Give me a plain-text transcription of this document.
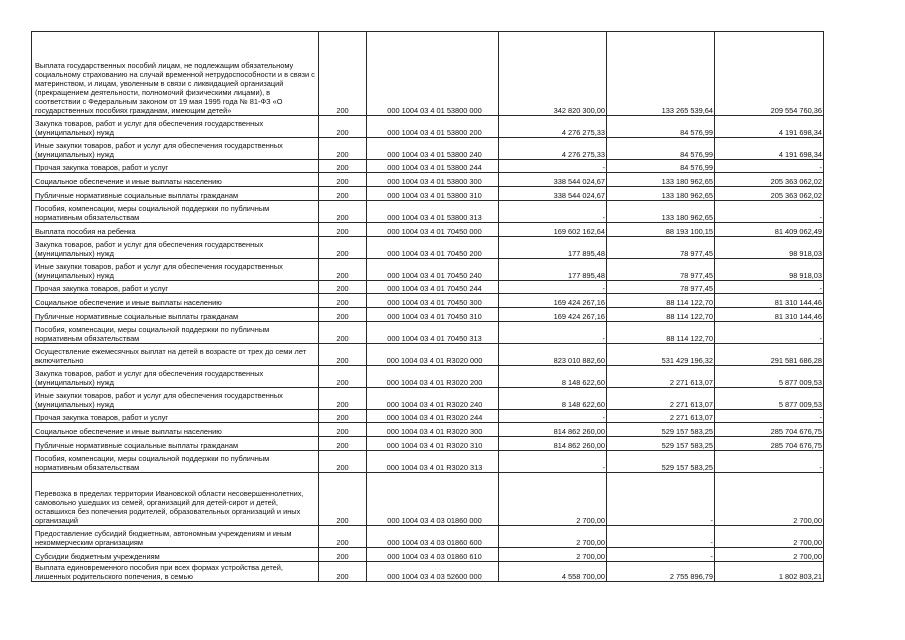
Выплата государственных пособий лицам, не подлежащим обязательному социальному страхованию на случай временной нетрудоспособности и в связи с материнством, и лицам, уволенным в связи с ликвидацией организаций (прекращением деятельности, полномочий физическими лицами), в соответствии с Федеральным законом от 19 мая 1995 года № 81-ФЗ «О государственных пособиях гражданам, имеющим детей»	200	000 1004 03 4 01 53800 000	342 820 300,00	133 265 539,64	209 554 760,36
Закупка товаров, работ и услуг для обеспечения государственных (муниципальных) нужд	200	000 1004 03 4 01 53800 200	4 276 275,33	84 576,99	4 191 698,34
Иные закупки товаров, работ и услуг для обеспечения государственных (муниципальных) нужд	200	000 1004 03 4 01 53800 240	4 276 275,33	84 576,99	4 191 698,34
Прочая закупка товаров, работ и услуг	200	000 1004 03 4 01 53800 244	-	84 576,99	-
Социальное обеспечение и иные выплаты населению	200	000 1004 03 4 01 53800 300	338 544 024,67	133 180 962,65	205 363 062,02
Публичные нормативные социальные выплаты гражданам	200	000 1004 03 4 01 53800 310	338 544 024,67	133 180 962,65	205 363 062,02
Пособия, компенсации, меры социальной поддержки по публичным нормативным обязательствам	200	000 1004 03 4 01 53800 313	-	133 180 962,65	-
Выплата пособия на ребенка	200	000 1004 03 4 01 70450 000	169 602 162,64	88 193 100,15	81 409 062,49
Закупка товаров, работ и услуг для обеспечения государственных (муниципальных) нужд	200	000 1004 03 4 01 70450 200	177 895,48	78 977,45	98 918,03
Иные закупки товаров, работ и услуг для обеспечения государственных (муниципальных) нужд	200	000 1004 03 4 01 70450 240	177 895,48	78 977,45	98 918,03
Прочая закупка товаров, работ и услуг	200	000 1004 03 4 01 70450 244	-	78 977,45	-
Социальное обеспечение и иные выплаты населению	200	000 1004 03 4 01 70450 300	169 424 267,16	88 114 122,70	81 310 144,46
Публичные нормативные социальные выплаты гражданам	200	000 1004 03 4 01 70450 310	169 424 267,16	88 114 122,70	81 310 144,46
Пособия, компенсации, меры социальной поддержки по публичным нормативным обязательствам	200	000 1004 03 4 01 70450 313	-	88 114 122,70	-
Осуществление ежемесячных выплат на детей в возрасте от трех до семи лет включительно	200	000 1004 03 4 01 R3020 000	823 010 882,60	531 429 196,32	291 581 686,28
Закупка товаров, работ и услуг для обеспечения государственных (муниципальных) нужд	200	000 1004 03 4 01 R3020 200	8 148 622,60	2 271 613,07	5 877 009,53
Иные закупки товаров, работ и услуг для обеспечения государственных (муниципальных) нужд	200	000 1004 03 4 01 R3020 240	8 148 622,60	2 271 613,07	5 877 009,53
Прочая закупка товаров, работ и услуг	200	000 1004 03 4 01 R3020 244	-	2 271 613,07	-
Социальное обеспечение и иные выплаты населению	200	000 1004 03 4 01 R3020 300	814 862 260,00	529 157 583,25	285 704 676,75
Публичные нормативные социальные выплаты гражданам	200	000 1004 03 4 01 R3020 310	814 862 260,00	529 157 583,25	285 704 676,75
Пособия, компенсации, меры социальной поддержки по публичным нормативным обязательствам	200	000 1004 03 4 01 R3020 313	-	529 157 583,25	-
Перевозка в пределах территории Ивановской области несовершеннолетних, самовольно ушедших из семей, организаций для детей-сирот и детей, оставшихся без попечения родителей, образовательных организаций и иных организаций	200	000 1004 03 4 03 01860 000	2 700,00	-	2 700,00
Предоставление субсидий бюджетным, автономным учреждениям и иным некоммерческим организациям	200	000 1004 03 4 03 01860 600	2 700,00	-	2 700,00
Субсидии бюджетным учреждениям	200	000 1004 03 4 03 01860 610	2 700,00	-	2 700,00
Выплата единовременного пособия при всех формах устройства детей, лишенных родительского попечения, в семью	200	000 1004 03 4 03 52600 000	4 558 700,00	2 755 896,79	1 802 803,21
